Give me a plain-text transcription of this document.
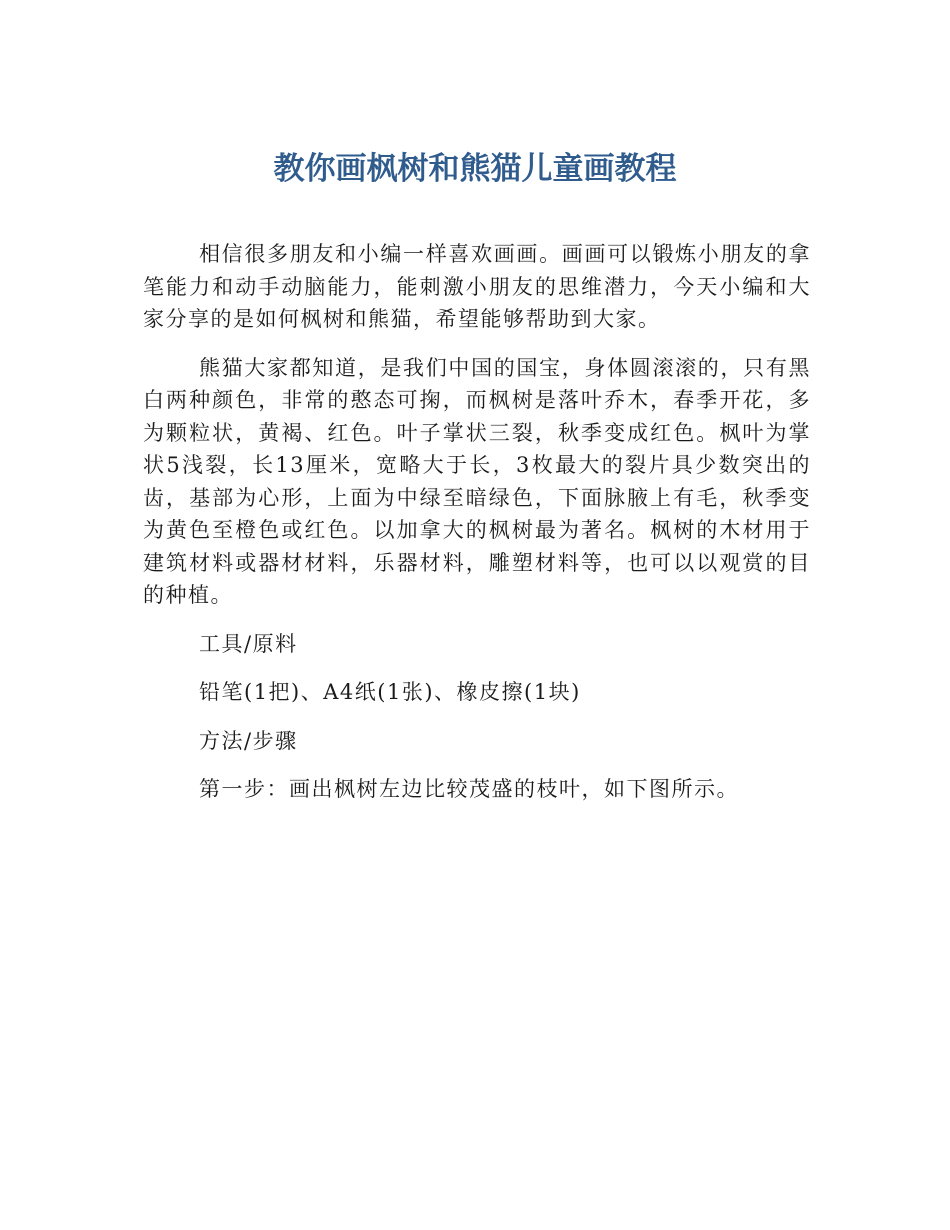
教你画枫树和熊猫儿童画教程

相信很多朋友和小编一样喜欢画画。画画可以锻炼小朋友的拿笔能力和动手动脑能力，能刺激小朋友的思维潜力，今天小编和大家分享的是如何枫树和熊猫，希望能够帮助到大家。

熊猫大家都知道，是我们中国的国宝，身体圆滚滚的，只有黑白两种颜色，非常的憨态可掬，而枫树是落叶乔木，春季开花，多为颗粒状，黄褐、红色。叶子掌状三裂，秋季变成红色。枫叶为掌状5浅裂，长13厘米，宽略大于长，3枚最大的裂片具少数突出的齿，基部为心形，上面为中绿至暗绿色，下面脉腋上有毛，秋季变为黄色至橙色或红色。以加拿大的枫树最为著名。枫树的木材用于建筑材料或器材材料，乐器材料，雕塑材料等，也可以以观赏的目的种植。

工具/原料

铅笔(1把)、A4纸(1张)、橡皮擦(1块)

方法/步骤

第一步：画出枫树左边比较茂盛的枝叶，如下图所示。
